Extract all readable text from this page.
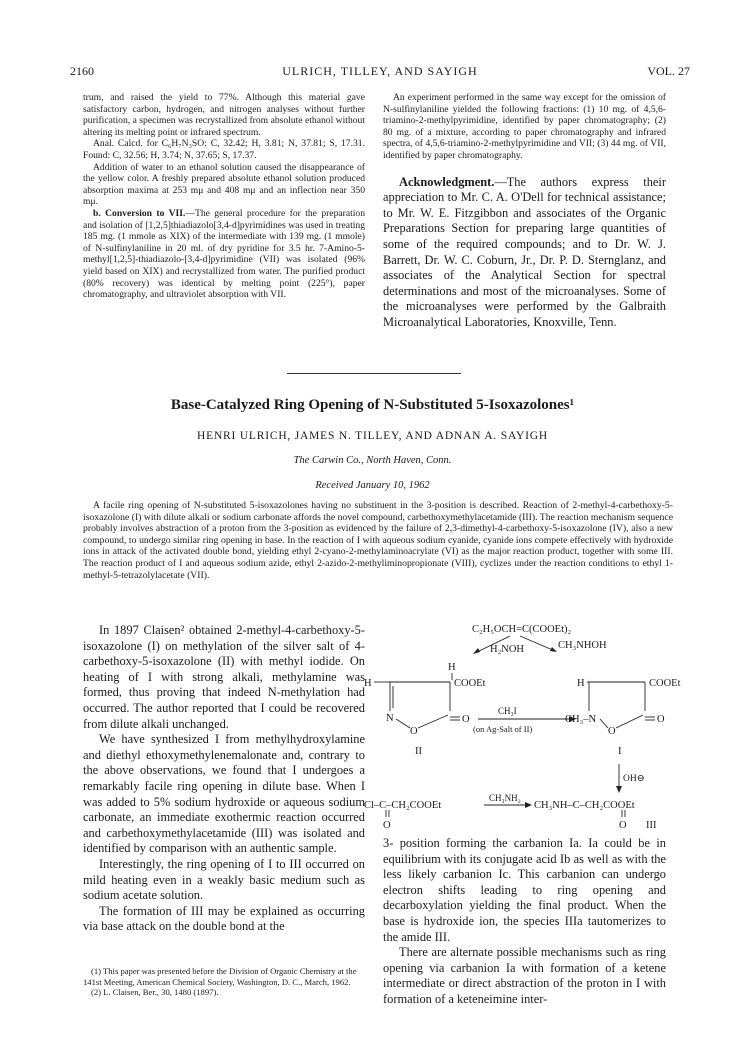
2160	ULRICH, TILLEY, AND SAYIGH	VOL. 27

trum, and raised the yield to 77%. Although this material gave satisfactory carbon, hydrogen, and nitrogen analyses without further purification, a specimen was recrystallized from absolute ethanol without altering its melting point or infrared spectrum.

Anal. Calcd. for C₆H₇N₃SO: C, 32.42; H, 3.81; N, 37.81; S, 17.31. Found: C, 32.56; H, 3.74; N, 37.65; S, 17.37.

Addition of water to an ethanol solution caused the disappearance of the yellow color. A freshly prepared absolute ethanol solution produced absorption maxima at 253 mμ and 408 mμ and an inflection near 350 mμ.

b. Conversion to VII.—The general procedure for the preparation and isolation of [1,2,5]thiadiazolo[3,4-d]pyrimidines was used in treating 185 mg. (1 mmole as XIX) of the intermediate with 139 mg. (1 mmole) of N-sulfinylaniline in 20 ml. of dry pyridine for 3.5 hr. 7-Amino-5-methyl[1,2,5]-thiadiazolo-[3,4-d]pyrimidine (VII) was isolated (96% yield based on XIX) and recrystallized from water. The purified product (80% recovery) was identical by melting point (225°), paper chromatography, and ultraviolet absorption with VII.

An experiment performed in the same way except for the omission of N-sulfinylaniline yielded the following fractions: (1) 10 mg. of 4,5,6-triamino-2-methylpyrimidine, identified by paper chromatography; (2) 80 mg. of a mixture, according to paper chromatography and infrared spectra, of 4,5,6-triamino-2-methylpyrimidine and VII; (3) 44 mg. of VII, identified by paper chromatography.

Acknowledgment.—The authors express their appreciation to Mr. C. A. O'Dell for technical assistance; to Mr. W. E. Fitzgibbon and associates of the Organic Preparations Section for preparing large quantities of some of the required compounds; and to Dr. W. J. Barrett, Dr. W. C. Coburn, Jr., Dr. P. D. Sternglanz, and associates of the Analytical Section for spectral determinations and most of the microanalyses. Some of the microanalyses were performed by the Galbraith Microanalytical Laboratories, Knoxville, Tenn.

Base-Catalyzed Ring Opening of N-Substituted 5-Isoxazolones¹
HENRI ULRICH, JAMES N. TILLEY, AND ADNAN A. SAYIGH
The Carwin Co., North Haven, Conn.
Received January 10, 1962
A facile ring opening of N-substituted 5-isoxazolones having no substituent in the 3-position is described. Reaction of 2-methyl-4-carbethoxy-5-isoxazolone (I) with dilute alkali or sodium carbonate affords the novel compound, carbethoxymethylacetamide (III). The reaction mechanism sequence probably involves abstraction of a proton from the 3-position as evidenced by the failure of 2,3-dimethyl-4-carbethoxy-5-isoxazolone (IV), also a new compound, to undergo similar ring opening in base. In the reaction of I with aqueous sodium cyanide, cyanide ions compete effectively with hydroxide ions in attack of the activated double bond, yielding ethyl 2-cyano-2-methylaminoacrylate (VI) as the major reaction product, together with some III. The reaction product of I and aqueous sodium azide, ethyl 2-azido-2-methyliminopropionate (VIII), cyclizes under the reaction conditions to ethyl 1-methyl-5-tetrazolylacetate (VII).

In 1897 Claisen² obtained 2-methyl-4-carbethoxy-5-isoxazolone (I) on methylation of the silver salt of 4-carbethoxy-5-isoxazolone (II) with methyl iodide. On heating of I with strong alkali, methylamine was formed, thus proving that indeed N-methylation had occurred. The author reported that I could be recovered from dilute alkali unchanged.

We have synthesized I from methylhydroxylamine and diethyl ethoxymethylenemalonate and, contrary to the above observations, we found that I undergoes a remarkably facile ring opening in dilute base. When I was added to 5% sodium hydroxide or aqueous sodium carbonate, an immediate exothermic reaction occurred and carbethoxymethylacetamide (III) was isolated and identified by comparison with an authentic sample.

Interestingly, the ring opening of I to III occurred on mild heating even in a weakly basic medium such as sodium acetate solution.

The formation of III may be explained as occurring via base attack on the double bond at the

(1) This paper was presented before the Division of Organic Chemistry at the 141st Meeting, American Chemical Society, Washington, D. C., March, 1962.

(2) L. Claisen, Ber., 30, 1480 (1897).

C₂H₅OCH=C(COOEt)₂
CH₃NHOH
H₂NOH
H
H	COOEt
N
O
O
II
CH₃I
(on Ag-Salt of II)
H	COOEt
CH₃–N
O
O
I
OH⊖
Cl–C–CH₂COOEt
CH₃NH₂
CH₃NH–C–CH₂COOEt
O	O III

3- position forming the carbanion Ia. Ia could be in equilibrium with its conjugate acid Ib as well as with the less likely carbanion Ic. This carbanion can undergo electron shifts leading to ring opening and decarboxylation yielding the final product. When the base is hydroxide ion, the species IIIa tautomerizes to the amide III.

There are alternate possible mechanisms such as ring opening via carbanion Ia with formation of a ketene intermediate or direct abstraction of the proton in I with formation of a keteneimine inter-
